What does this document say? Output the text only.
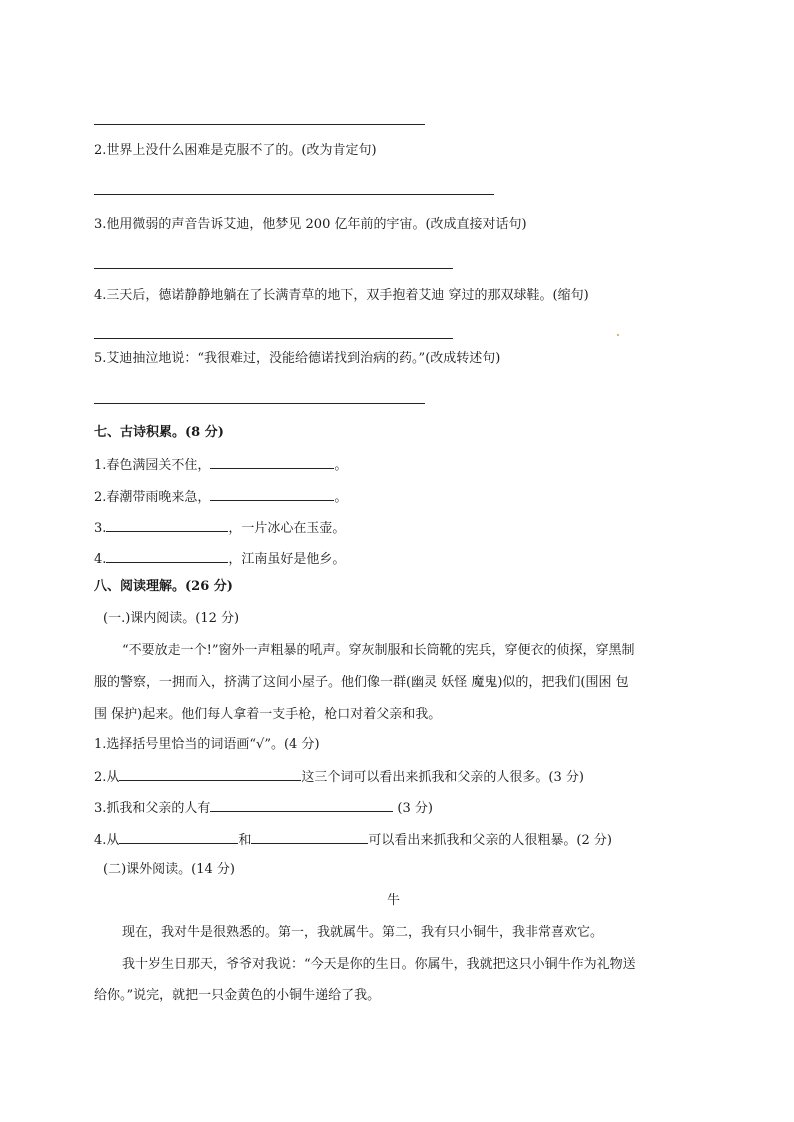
2.世界上没什么困难是克服不了的。(改为肯定句)
3.他用微弱的声音告诉艾迪，他梦见 200 亿年前的宇宙。(改成直接对话句)
4.三天后，德诺静静地躺在了长满青草的地下，双手抱着艾迪 穿过的那双球鞋。(缩句)
5.艾迪抽泣地说：“我很难过，没能给德诺找到治病的药。”(改成转述句)
七、古诗积累。(8 分)
1.春色满园关不住，	。
2.春潮带雨晚来急，	。
3.	，一片冰心在玉壶。
4.	，江南虽好是他乡。
八、阅读理解。(26 分)
(一.)课内阅读。(12 分)
“不要放走一个!”窗外一声粗暴的吼声。穿灰制服和长筒靴的宪兵，穿便衣的侦探，穿黑制
服的警察，一拥而入，挤满了这间小屋子。他们像一群(幽灵 妖怪 魔鬼)似的，把我们(围困 包
围 保护)起来。他们每人拿着一支手枪，枪口对着父亲和我。
1.选择括号里恰当的词语画“√”。(4 分)
2.从	这三个词可以看出来抓我和父亲的人很多。(3 分)
3.抓我和父亲的人有	(3 分)
4.从	和	可以看出来抓我和父亲的人很粗暴。(2 分)
(二)课外阅读。(14 分)
牛
现在，我对牛是很熟悉的。第一，我就属牛。第二，我有只小铜牛，我非常喜欢它。
我十岁生日那天，爷爷对我说：“今天是你的生日。你属牛，我就把这只小铜牛作为礼物送
给你。”说完，就把一只金黄色的小铜牛递给了我。
